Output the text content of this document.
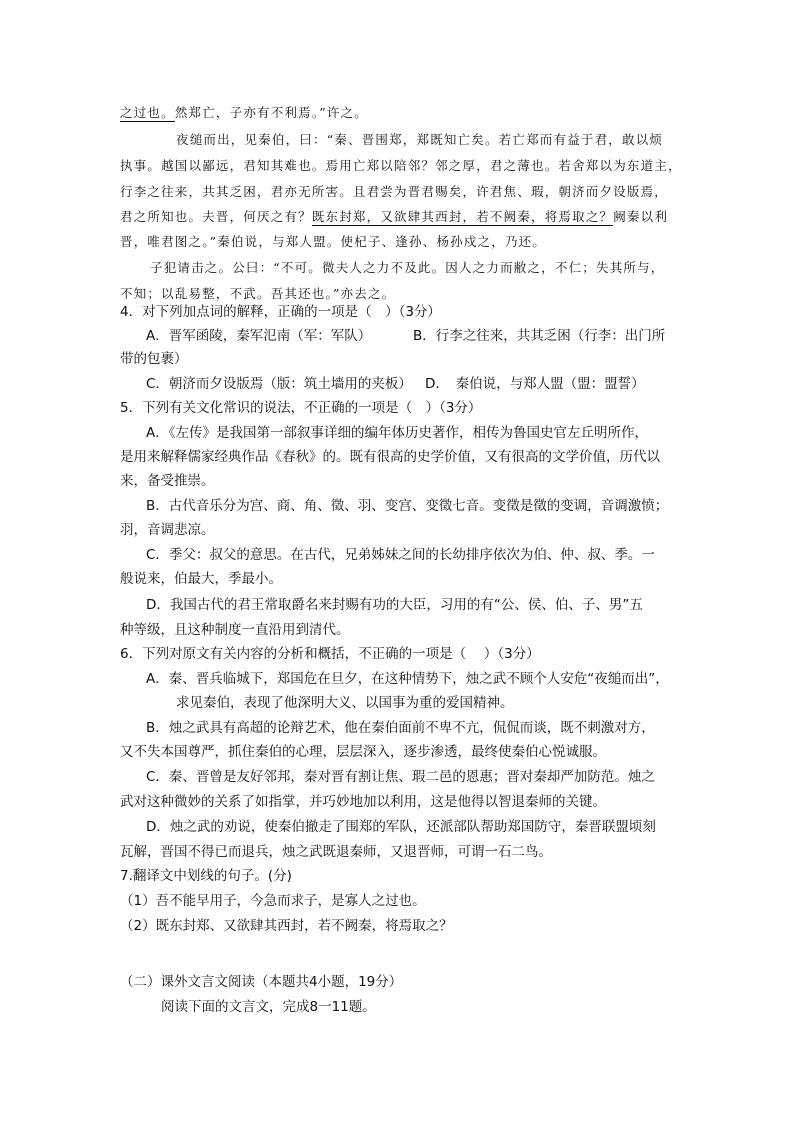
之过也。然郑亡，子亦有不利焉。”许之。
夜缒而出，见秦伯，曰：“秦、晋围郑，郑既知亡矣。若亡郑而有益于君，敢以烦
执事。越国以鄙远，君知其难也。焉用亡郑以陪邻？邻之厚，君之薄也。若舍郑以为东道主，
行李之往来，共其乏困，君亦无所害。且君尝为晋君赐矣，许君焦、瑕，朝济而夕设版焉，
君之所知也。夫晋，何厌之有？既东封郑，又欲肆其西封，若不阙秦，将焉取之？阙秦以利
晋，唯君图之。”秦伯说，与郑人盟。使杞子、逢孙、杨孙戍之，乃还。
子犯请击之。公曰：“不可。微夫人之力不及此。因人之力而敝之，不仁；失其所与，
不知；以乱易整，不武。吾其还也。”亦去之。
4．对下列加点词的解释，正确的一项是（　）（3分）
A．晋军函陵，秦军氾南（军：军队）	B．行李之往来，共其乏困（行李：出门所
带的包裹）
C．朝济而夕设版焉（版：筑土墙用的夹板） D．　秦伯说，与郑人盟（盟：盟誓）
5．下列有关文化常识的说法，不正确的一项是（　）（3分）
A．《左传》是我国第一部叙事详细的编年体历史著作，相传为鲁国史官左丘明所作，
是用来解释儒家经典作品《春秋》的。既有很高的史学价值，又有很高的文学价值，历代以
来，备受推崇。
B．古代音乐分为宫、商、角、徵、羽、变宫、变徵七音。变徵是徵的变调，音调激愤；
羽，音调悲凉。
C．季父：叔父的意思。在古代，兄弟姊妹之间的长幼排序依次为伯、仲、叔、季。一
般说来，伯最大，季最小。
D．我国古代的君王常取爵名来封赐有功的大臣，习用的有“公、侯、伯、子、男”五
种等级，且这种制度一直沿用到清代。
6．下列对原文有关内容的分析和概括，不正确的一项是（　 ）（3分）
A．秦、晋兵临城下，郑国危在旦夕，在这种情势下，烛之武不顾个人安危“夜缒而出”，
求见秦伯，表现了他深明大义、以国事为重的爱国精神。
B．烛之武具有高超的论辩艺术，他在秦伯面前不卑不亢，侃侃而谈，既不刺激对方，
又不失本国尊严，抓住秦伯的心理，层层深入，逐步渗透，最终使秦伯心悦诚服。
C．秦、晋曾是友好邻邦，秦对晋有割让焦、瑕二邑的恩惠；晋对秦却严加防范。烛之
武对这种微妙的关系了如指掌，并巧妙地加以利用，这是他得以智退秦师的关键。
D．烛之武的劝说，使秦伯撤走了围郑的军队，还派部队帮助郑国防守，秦晋联盟顷刻
瓦解，晋国不得已而退兵，烛之武既退秦师，又退晋师，可谓一石二鸟。
7.翻译文中划线的句子。(分)
（1）吾不能早用子，今急而求子，是寡人之过也。
（2）既东封郑、又欲肆其西封，若不阙秦，将焉取之？
（二）课外文言文阅读（本题共4小题，19分）
阅读下面的文言文，完成8一11题。
